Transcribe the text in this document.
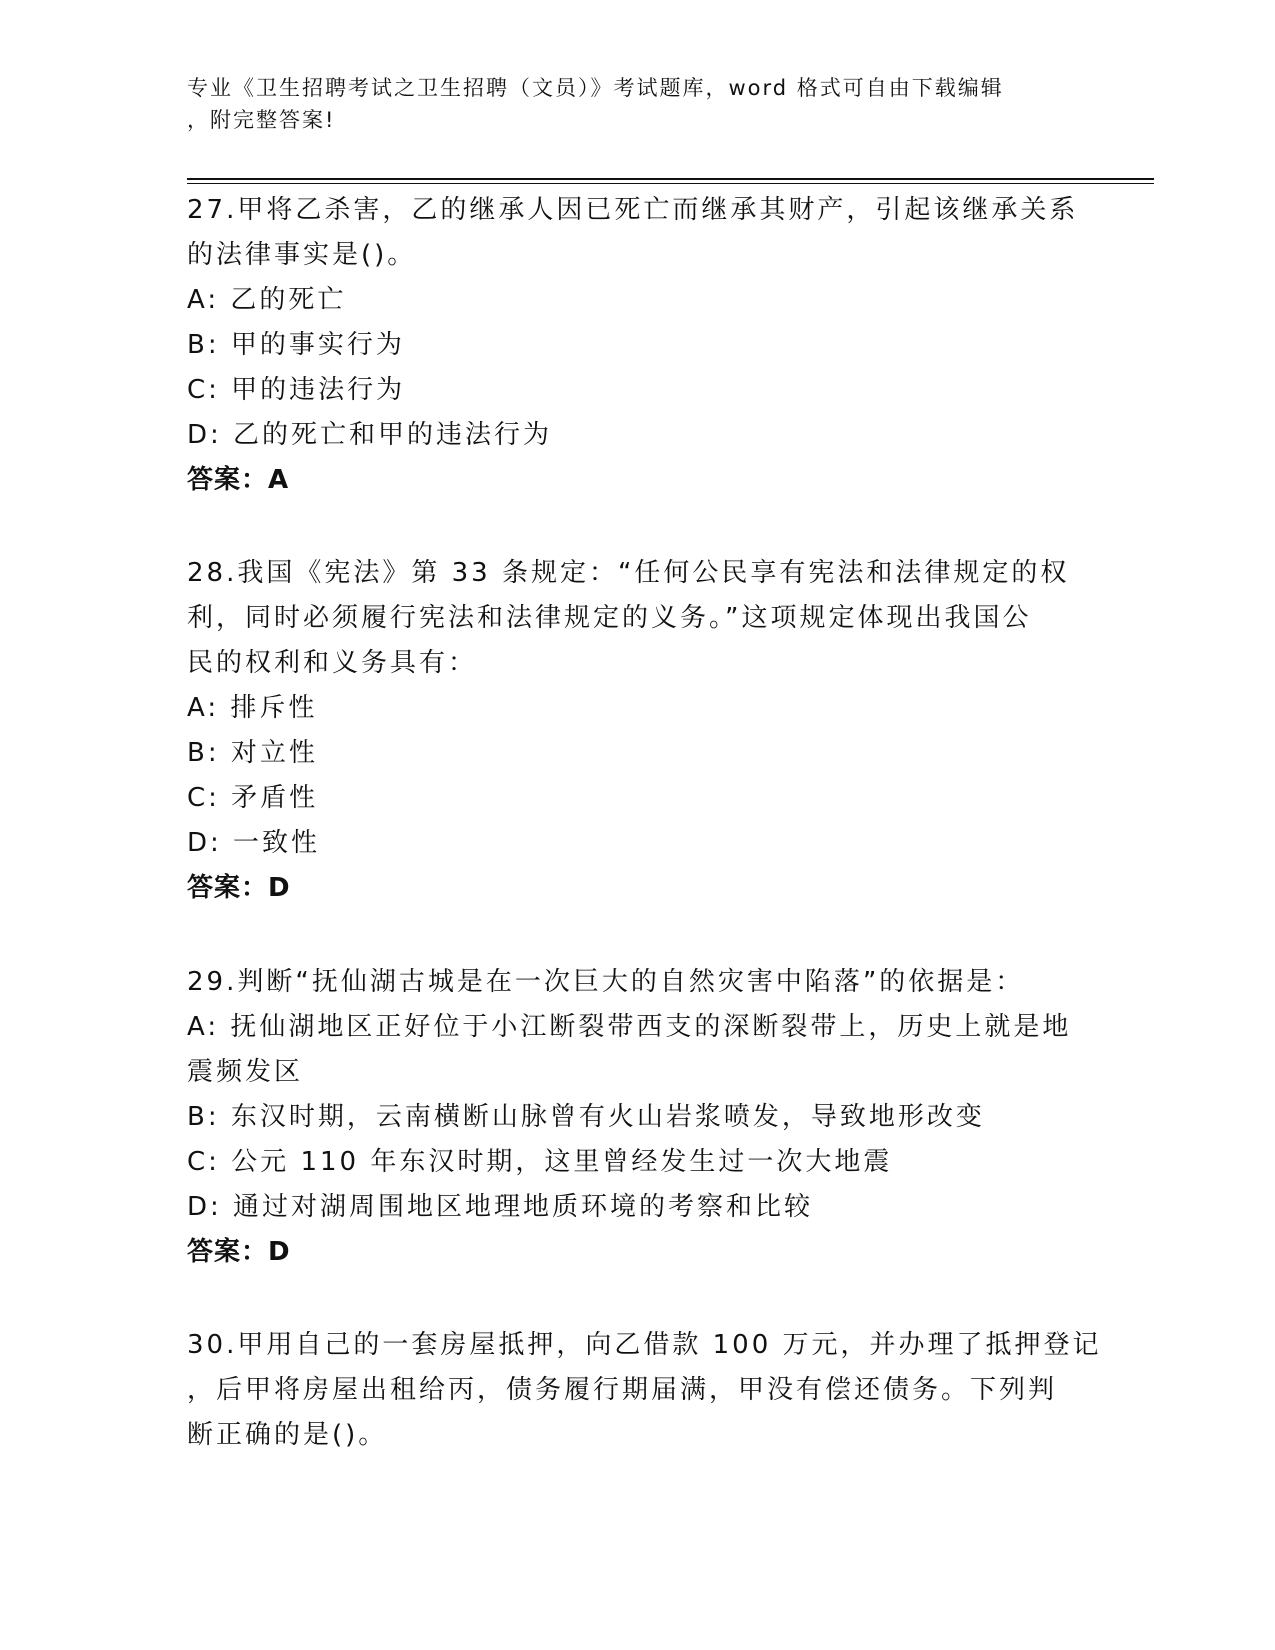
专业《卫生招聘考试之卫生招聘（文员）》考试题库，word 格式可自由下载编辑
，附完整答案!
27.甲将乙杀害，乙的继承人因已死亡而继承其财产，引起该继承关系
的法律事实是()。
A: 乙的死亡
B: 甲的事实行为
C: 甲的违法行为
D: 乙的死亡和甲的违法行为
答案：A
28.我国《宪法》第 33 条规定：“任何公民享有宪法和法律规定的权
利，同时必须履行宪法和法律规定的义务。”这项规定体现出我国公
民的权利和义务具有：
A: 排斥性
B: 对立性
C: 矛盾性
D: 一致性
答案：D
29.判断“抚仙湖古城是在一次巨大的自然灾害中陷落”的依据是：
A: 抚仙湖地区正好位于小江断裂带西支的深断裂带上，历史上就是地
震频发区
B: 东汉时期，云南横断山脉曾有火山岩浆喷发，导致地形改变
C: 公元 110 年东汉时期，这里曾经发生过一次大地震
D: 通过对湖周围地区地理地质环境的考察和比较
答案：D
30.甲用自己的一套房屋抵押，向乙借款 100 万元，并办理了抵押登记
，后甲将房屋出租给丙，债务履行期届满，甲没有偿还债务。下列判
断正确的是()。
